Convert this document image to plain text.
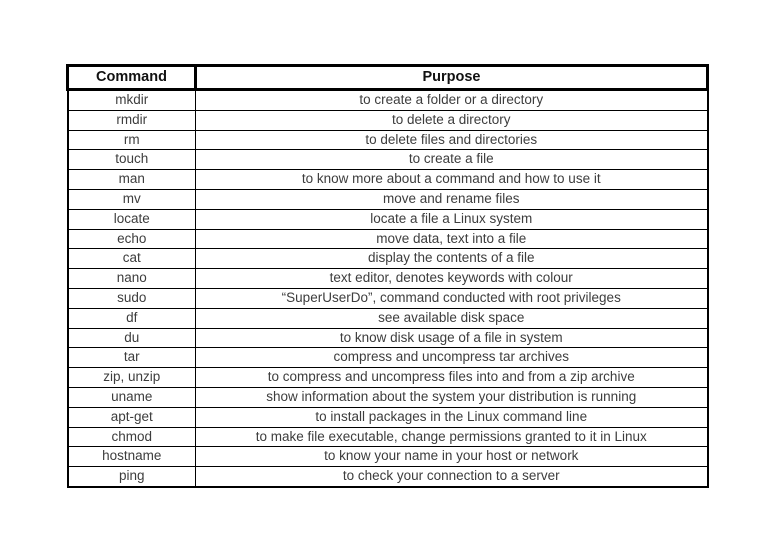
Command	Purpose
mkdir	to create a folder or a directory
rmdir	to delete a directory
rm	to delete files and directories
touch	to create a file
man	to know more about a command and how to use it
mv	move and rename files
locate	locate a file a Linux system
echo	move data, text into a file
cat	display the contents of a file
nano	text editor, denotes keywords with colour
sudo	“SuperUserDo”, command conducted with root privileges
df	see available disk space
du	to know disk usage of a file in system
tar	compress and uncompress tar archives
zip, unzip	to compress and uncompress files into and from a zip archive
uname	show information about the system your distribution is running
apt-get	to install packages in the Linux command line
chmod	to make file executable, change permissions granted to it in Linux
hostname	to know your name in your host or network
ping	to check your connection to a server
